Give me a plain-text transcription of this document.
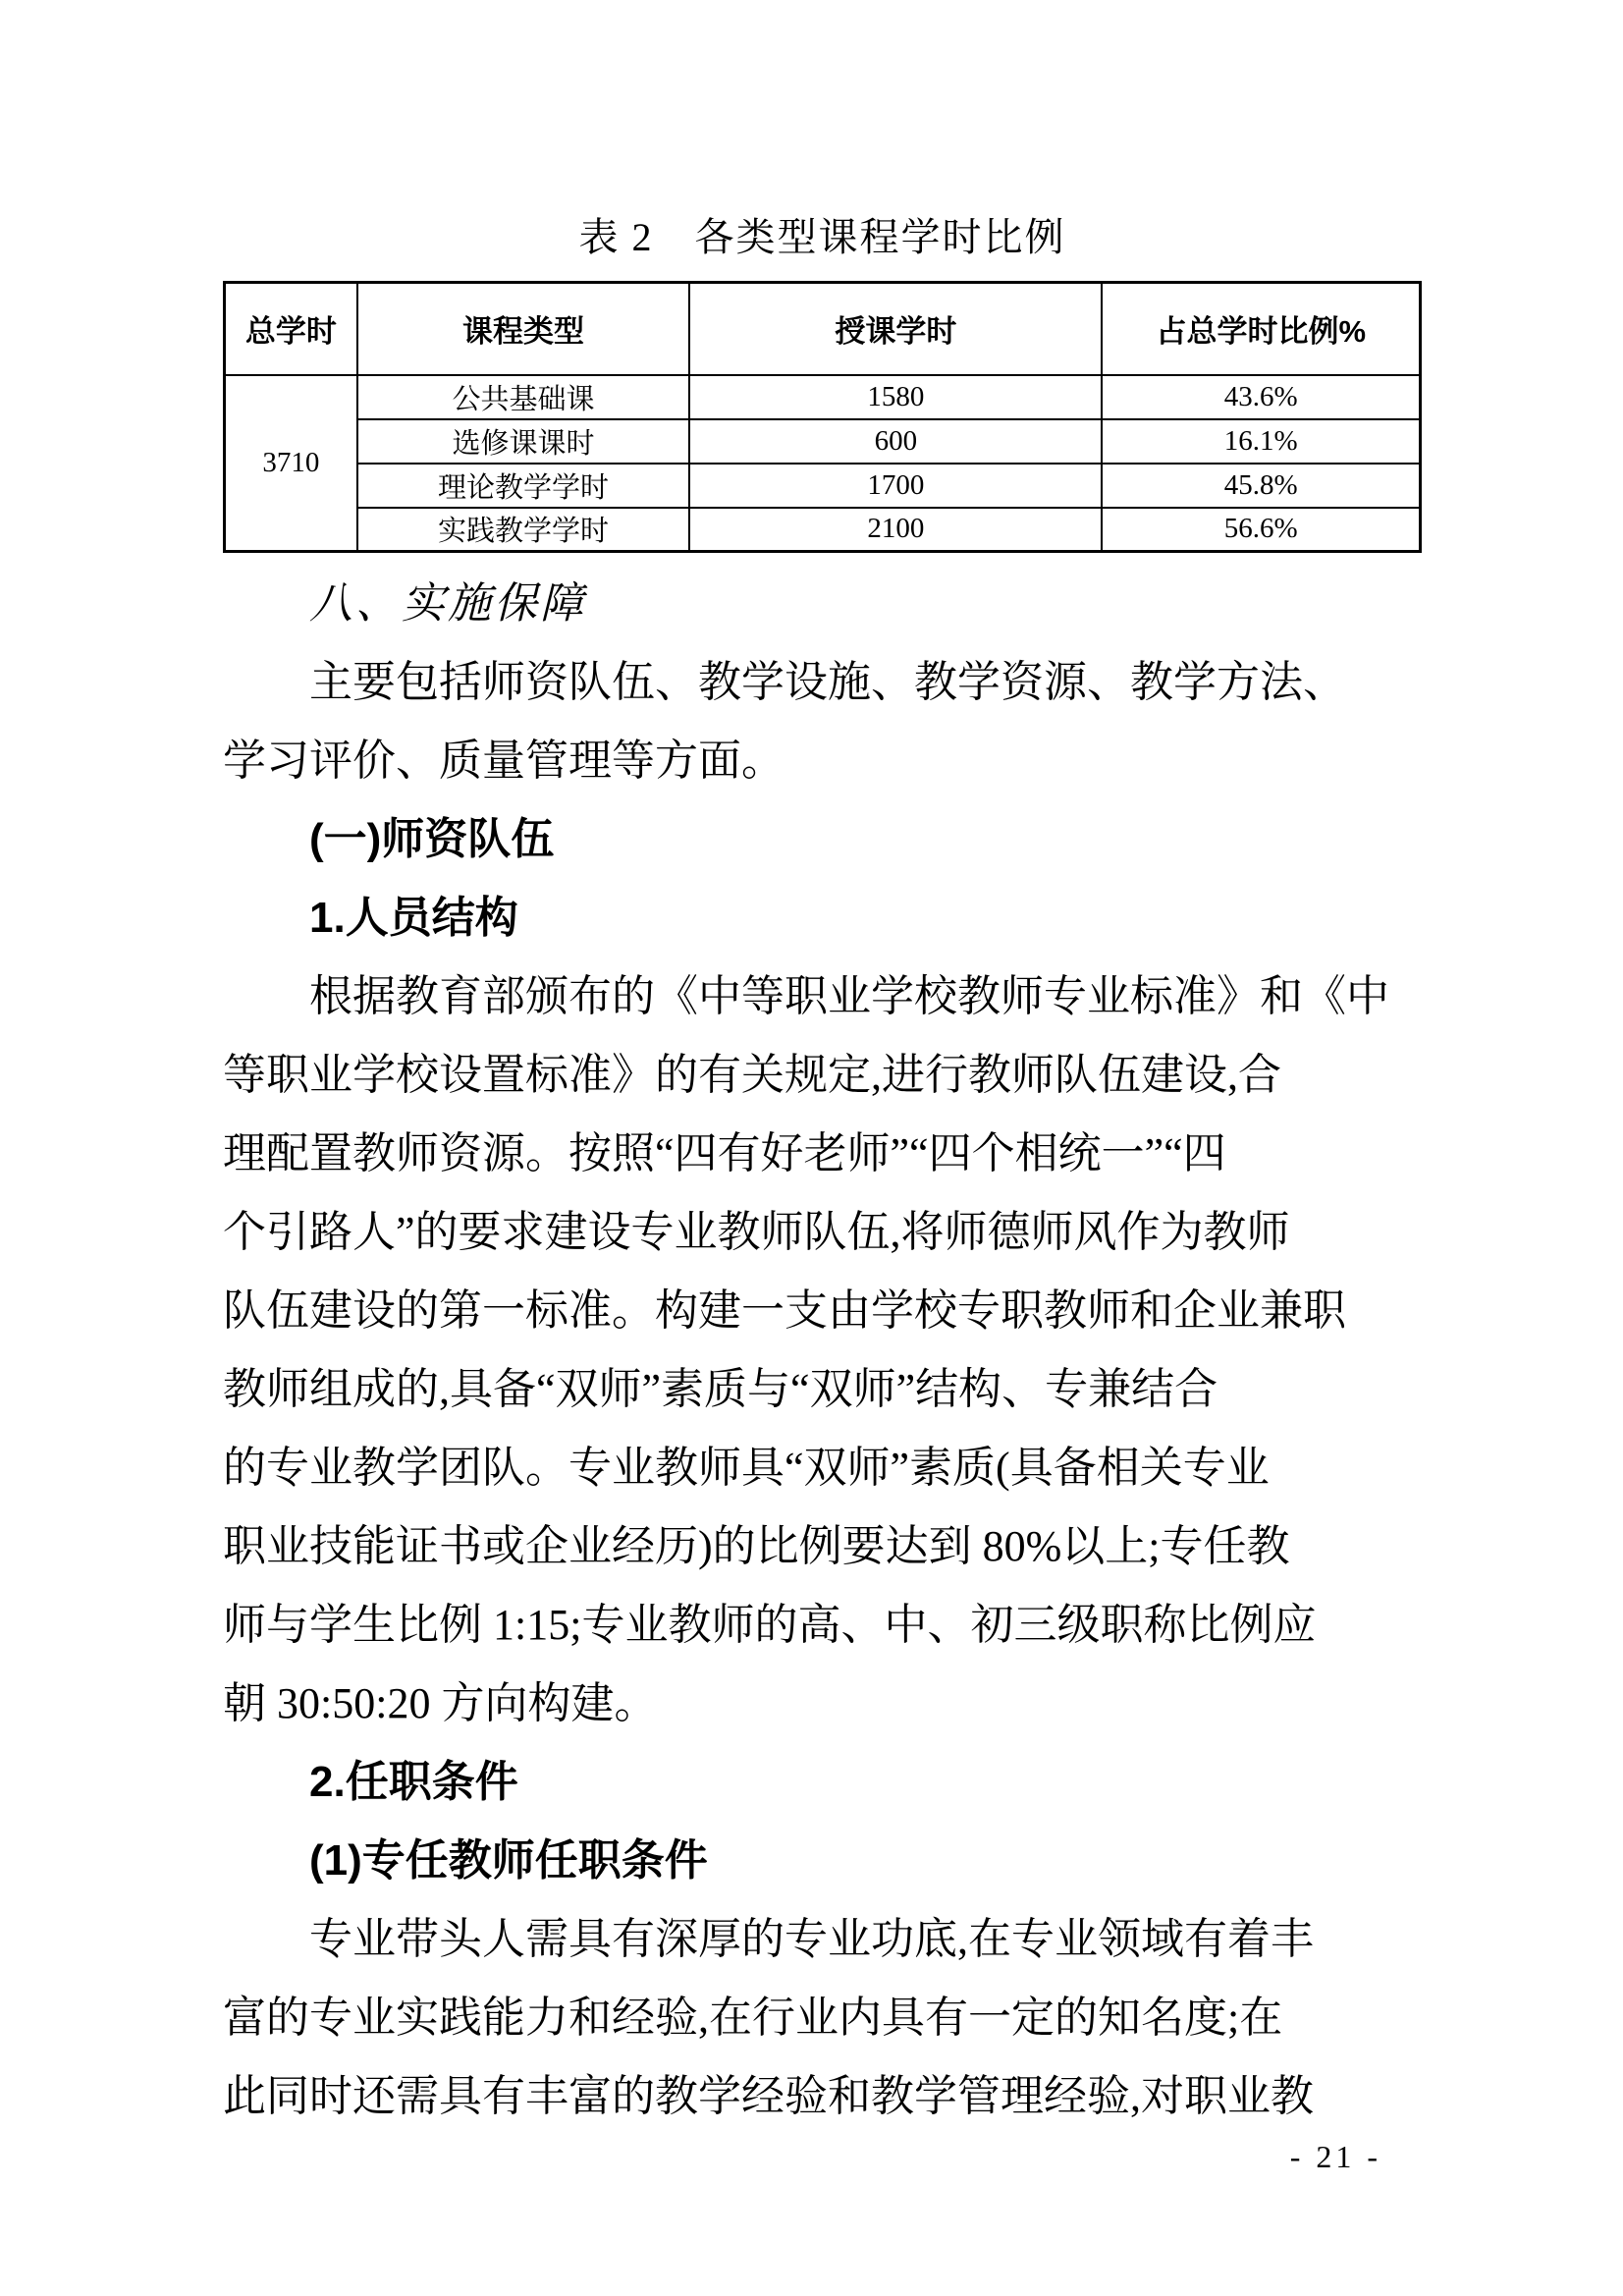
表 2　各类型课程学时比例
总学时	课程类型	授课学时	占总学时比例%
3710	公共基础课	1580	43.6%
	选修课课时	600	16.1%
	理论教学学时	1700	45.8%
	实践教学学时	2100	56.6%
八、实施保障
主要包括师资队伍、教学设施、教学资源、教学方法、
学习评价、质量管理等方面。
(一)师资队伍
1.人员结构
根据教育部颁布的《中等职业学校教师专业标准》和《中
等职业学校设置标准》的有关规定,进行教师队伍建设,合
理配置教师资源。按照“四有好老师”“四个相统一”“四
个引路人”的要求建设专业教师队伍,将师德师风作为教师
队伍建设的第一标准。构建一支由学校专职教师和企业兼职
教师组成的,具备“双师”素质与“双师”结构、专兼结合
的专业教学团队。专业教师具“双师”素质(具备相关专业
职业技能证书或企业经历)的比例要达到 80%以上;专任教
师与学生比例 1:15;专业教师的高、中、初三级职称比例应
朝 30:50:20 方向构建。
2.任职条件
(1)专任教师任职条件
专业带头人需具有深厚的专业功底,在专业领域有着丰
富的专业实践能力和经验,在行业内具有一定的知名度;在
此同时还需具有丰富的教学经验和教学管理经验,对职业教
- 21 -
